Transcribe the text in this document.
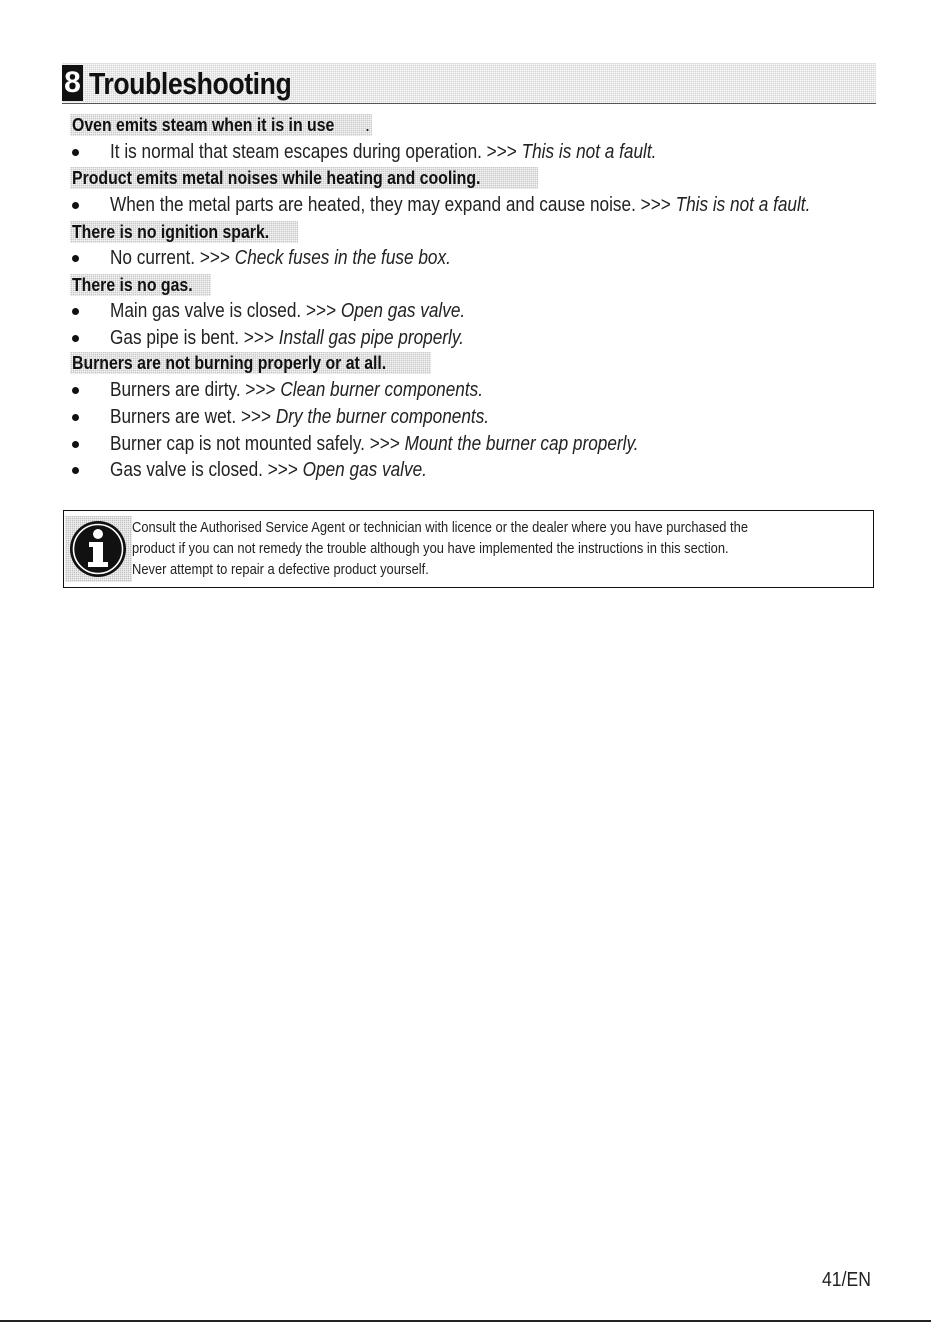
8 Troubleshooting
Oven emits steam when it is in use	.
It is normal that steam escapes during operation. >>> This is not a fault.
Product emits metal noises while heating and cooling.
When the metal parts are heated, they may expand and cause noise. >>> This is not a fault.
There is no ignition spark.
No current. >>> Check fuses in the fuse box.
There is no gas.
Main gas valve is closed. >>> Open gas valve.
Gas pipe is bent. >>> Install gas pipe properly.
Burners are not burning properly or at all.
Burners are dirty. >>> Clean burner components.
Burners are wet. >>> Dry the burner components.
Burner cap is not mounted safely. >>> Mount the burner cap properly.
Gas valve is closed. >>> Open gas valve.
Consult the Authorised Service Agent or technician with licence or the dealer where you have purchased the
product if you can not remedy the trouble although you have implemented the instructions in this section.
Never attempt to repair a defective product yourself.
41/EN
